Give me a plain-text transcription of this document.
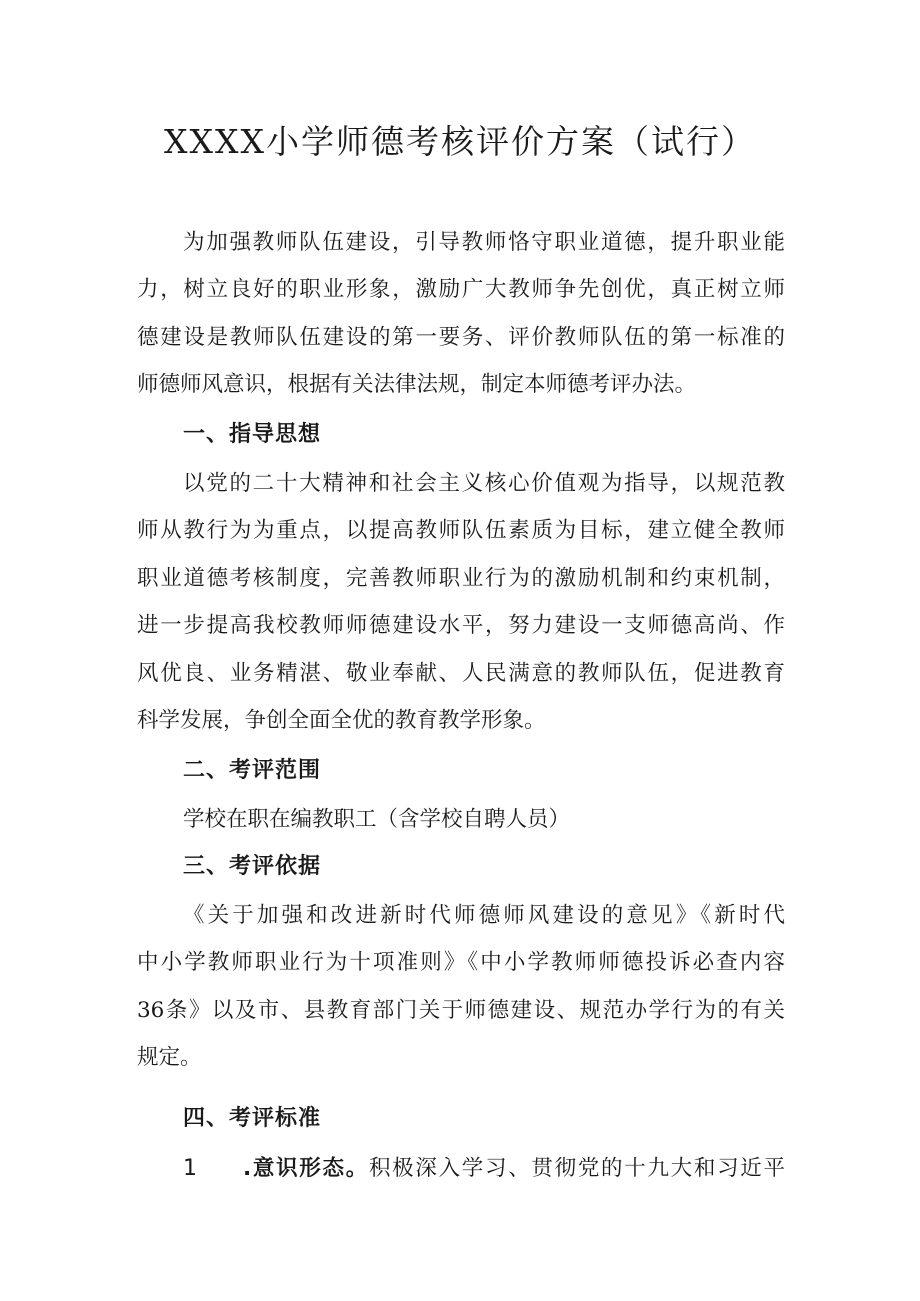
XXXX小学师德考核评价方案（试行）
为加强教师队伍建设，引导教师恪守职业道德，提升职业能
力，树立良好的职业形象，激励广大教师争先创优，真正树立师
德建设是教师队伍建设的第一要务、评价教师队伍的第一标准的
师德师风意识，根据有关法律法规，制定本师德考评办法。
一、指导思想
以党的二十大精神和社会主义核心价值观为指导，以规范教
师从教行为为重点，以提高教师队伍素质为目标，建立健全教师
职业道德考核制度，完善教师职业行为的激励机制和约束机制，
进一步提高我校教师师德建设水平，努力建设一支师德高尚、作
风优良、业务精湛、敬业奉献、人民满意的教师队伍，促进教育
科学发展，争创全面全优的教育教学形象。
二、考评范围
学校在职在编教职工（含学校自聘人员）
三、考评依据
《关于加强和改进新时代师德师风建设的意见》《新时代
中小学教师职业行为十项准则》《中小学教师师德投诉必查内容
36条》以及市、县教育部门关于师德建设、规范办学行为的有关
规定。
四、考评标准
1 .意识形态。积极深入学习、贯彻党的十九大和习近平
